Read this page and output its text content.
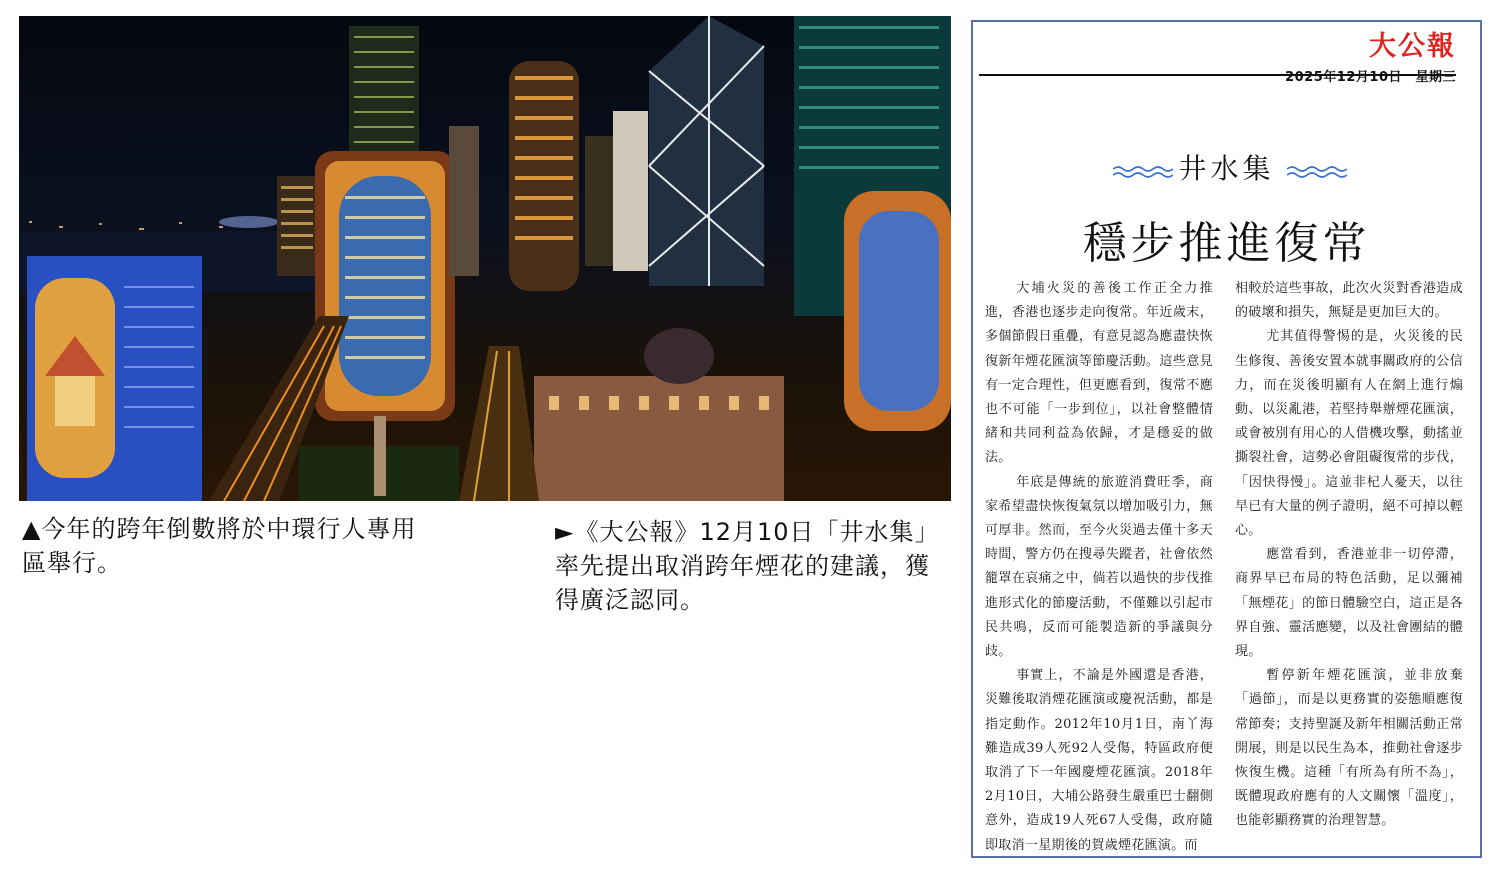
▲今年的跨年倒數將於中環行人專用區舉行。
►《大公報》12月10日「井水集」率先提出取消跨年煙花的建議，獲得廣泛認同。
大公報
2025年12月10日　星期三
井水集
穩步推進復常

大埔火災的善後工作正全力推進，香港也逐步走向復常。年近歲末，多個節假日重疊，有意見認為應盡快恢復新年煙花匯演等節慶活動。這些意見有一定合理性，但更應看到，復常不應也不可能「一步到位」，以社會整體情緒和共同利益為依歸，才是穩妥的做法。

年底是傳統的旅遊消費旺季，商家希望盡快恢復氣氛以增加吸引力，無可厚非。然而，至今火災過去僅十多天時間，警方仍在搜尋失蹤者，社會依然籠罩在哀痛之中，倘若以過快的步伐推進形式化的節慶活動，不僅難以引起市民共鳴，反而可能製造新的爭議與分歧。

事實上，不論是外國還是香港，災難後取消煙花匯演或慶祝活動，都是指定動作。2012年10月1日，南丫海難造成39人死92人受傷，特區政府便取消了下一年國慶煙花匯演。2018年2月10日，大埔公路發生嚴重巴士翻側意外，造成19人死67人受傷，政府隨即取消一星期後的賀歲煙花匯演。而

相較於這些事故，此次火災對香港造成的破壞和損失，無疑是更加巨大的。

尤其值得警惕的是，火災後的民生修復、善後安置本就事關政府的公信力，而在災後明顯有人在網上進行煽動、以災亂港，若堅持舉辦煙花匯演，或會被別有用心的人借機攻擊，動搖並撕裂社會，這勢必會阻礙復常的步伐，「因快得慢」。這並非杞人憂天，以往早已有大量的例子證明，絕不可掉以輕心。

應當看到，香港並非一切停滯，商界早已布局的特色活動，足以彌補「無煙花」的節日體驗空白，這正是各界自強、靈活應變，以及社會團結的體現。

暫停新年煙花匯演，並非放棄「過節」，而是以更務實的姿態順應復常節奏；支持聖誕及新年相關活動正常開展，則是以民生為本，推動社會逐步恢復生機。這種「有所為有所不為」，既體現政府應有的人文關懷「溫度」，也能彰顯務實的治理智慧。
